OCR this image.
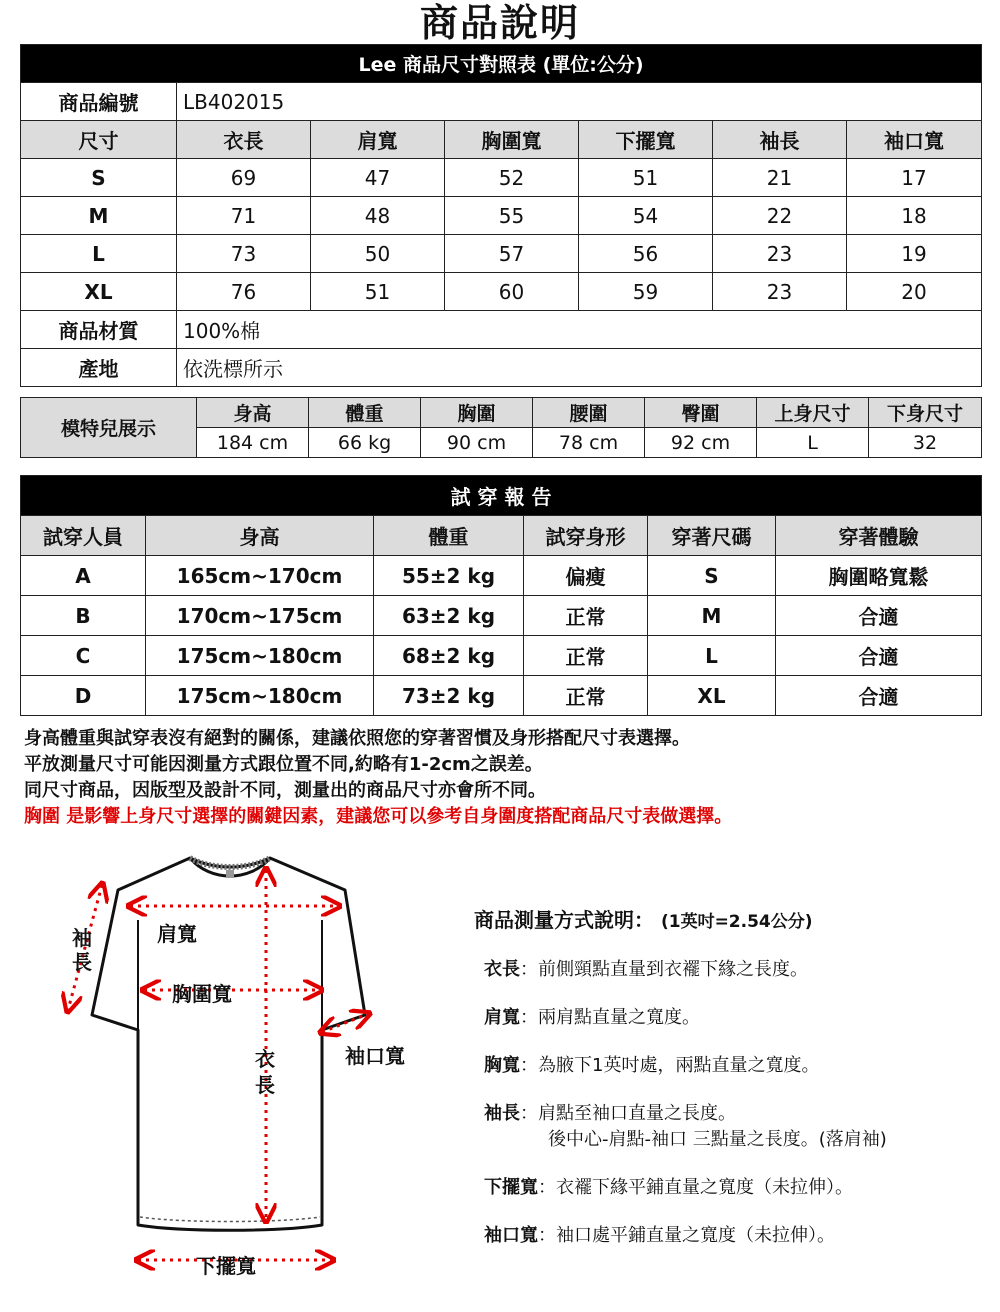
商品說明
Lee 商品尺寸對照表 (單位:公分)						
商品編號	LB402015					
尺寸	衣長	肩寬	胸圍寬	下擺寬	袖長	袖口寬
S	69	47	52	51	21	17
M	71	48	55	54	22	18
L	73	50	57	56	23	19
XL	76	51	60	59	23	20
商品材質	100%棉					
產地	依洗標所示					
模特兒展示	身高	體重	胸圍	腰圍	臀圍	上身尺寸	下身尺寸
	184 cm	66 kg	90 cm	78 cm	92 cm	L	32
試 穿 報 告					
試穿人員	身高	體重	試穿身形	穿著尺碼	穿著體驗
A	165cm~170cm	55±2 kg	偏瘦	S	胸圍略寬鬆
B	170cm~175cm	63±2 kg	正常	M	合適
C	175cm~180cm	68±2 kg	正常	L	合適
D	175cm~180cm	73±2 kg	正常	XL	合適
身高體重與試穿表沒有絕對的關係，建議依照您的穿著習慣及身形搭配尺寸表選擇。
平放測量尺寸可能因測量方式跟位置不同,約略有1-2cm之誤差。
同尺寸商品，因版型及設計不同，測量出的商品尺寸亦會所不同。
胸圍 是影響上身尺寸選擇的關鍵因素，建議您可以參考自身圍度搭配商品尺寸表做選擇。
袖長
肩寬
胸圍寬
衣長
袖口寬
下擺寬
商品測量方式說明： (1英吋=2.54公分)
衣長：前側頸點直量到衣襬下緣之長度。
肩寬：兩肩點直量之寬度。
胸寬：為腋下1英吋處，兩點直量之寬度。
袖長：肩點至袖口直量之長度。
後中心-肩點-袖口 三點量之長度。(落肩袖)
下擺寬：衣襬下緣平鋪直量之寬度（未拉伸）。
袖口寬：袖口處平鋪直量之寬度（未拉伸）。
